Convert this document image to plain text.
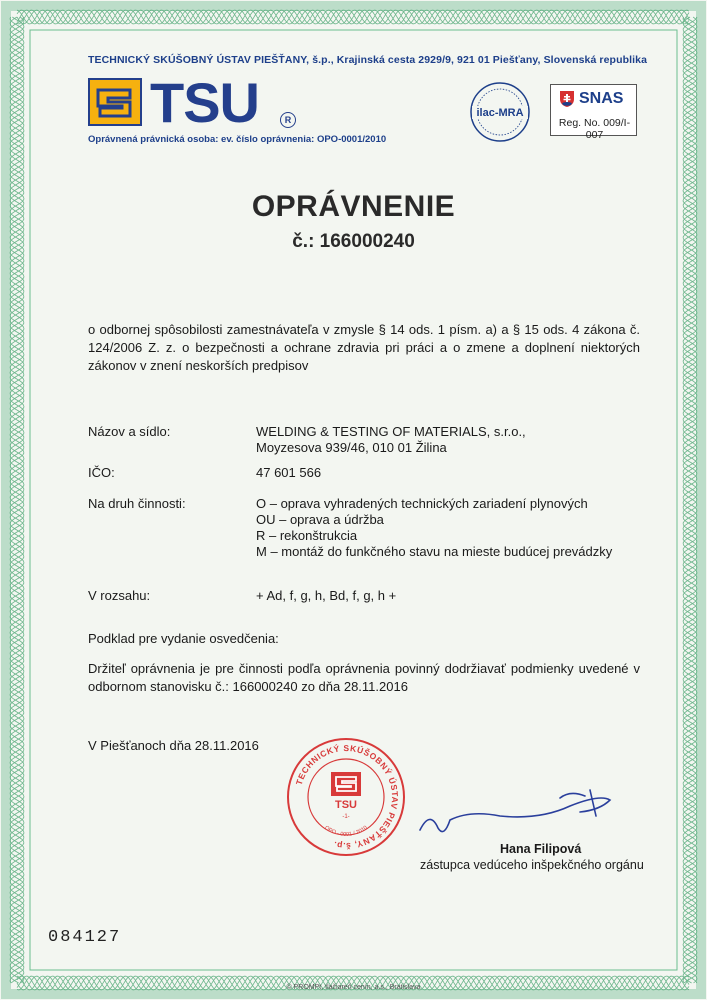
TECHNICKÝ SKÚŠOBNÝ ÚSTAV PIEŠŤANY, š.p., Krajinská cesta 2929/9, 921 01 Piešťany, Slovenská republika
TSU	R
Oprávnená právnická osoba: ev. číslo oprávnenia: OPO-0001/2010
ilac-MRA
SNAS
Reg. No. 009/I-007
OPRÁVNENIE
č.: 166000240
o odbornej spôsobilosti zamestnávateľa v zmysle § 14 ods. 1 písm. a) a § 15 ods. 4 zákona č. 124/2006 Z. z. o bezpečnosti a ochrane zdravia pri práci a o zmene a doplnení niektorých zákonov v znení neskorších predpisov
Názov a sídlo:	WELDING & TESTING OF MATERIALS, s.r.o.,
Moyzesova 939/46, 010 01 Žilina
IČO:	47 601 566
Na druh činnosti:	O – oprava vyhradených technických zariadení plynových
OU – oprava a údržba
R – rekonštrukcia
M – montáž do funkčného stavu na mieste budúcej prevádzky
V rozsahu:	+ Ad, f, g, h, Bd, f, g, h +
Podklad pre vydanie osvedčenia:
Držiteľ oprávnenia je pre činnosti podľa oprávnenia povinný dodržiavať podmienky uvedené v odbornom stanovisku č.: 166000240 zo dňa 28.11.2016
V Piešťanoch dňa 28.11.2016
TECHNICKÝ SKÚŠOBNÝ ÚSTAV PIEŠŤANY, š.p.
TSU
-1-
OPO - 0001 / 2010
Hana Filipová
zástupca vedúceho inšpekčného orgánu
084127
© PROMPt, tlačiareň cenín, a.s., Bratislava
